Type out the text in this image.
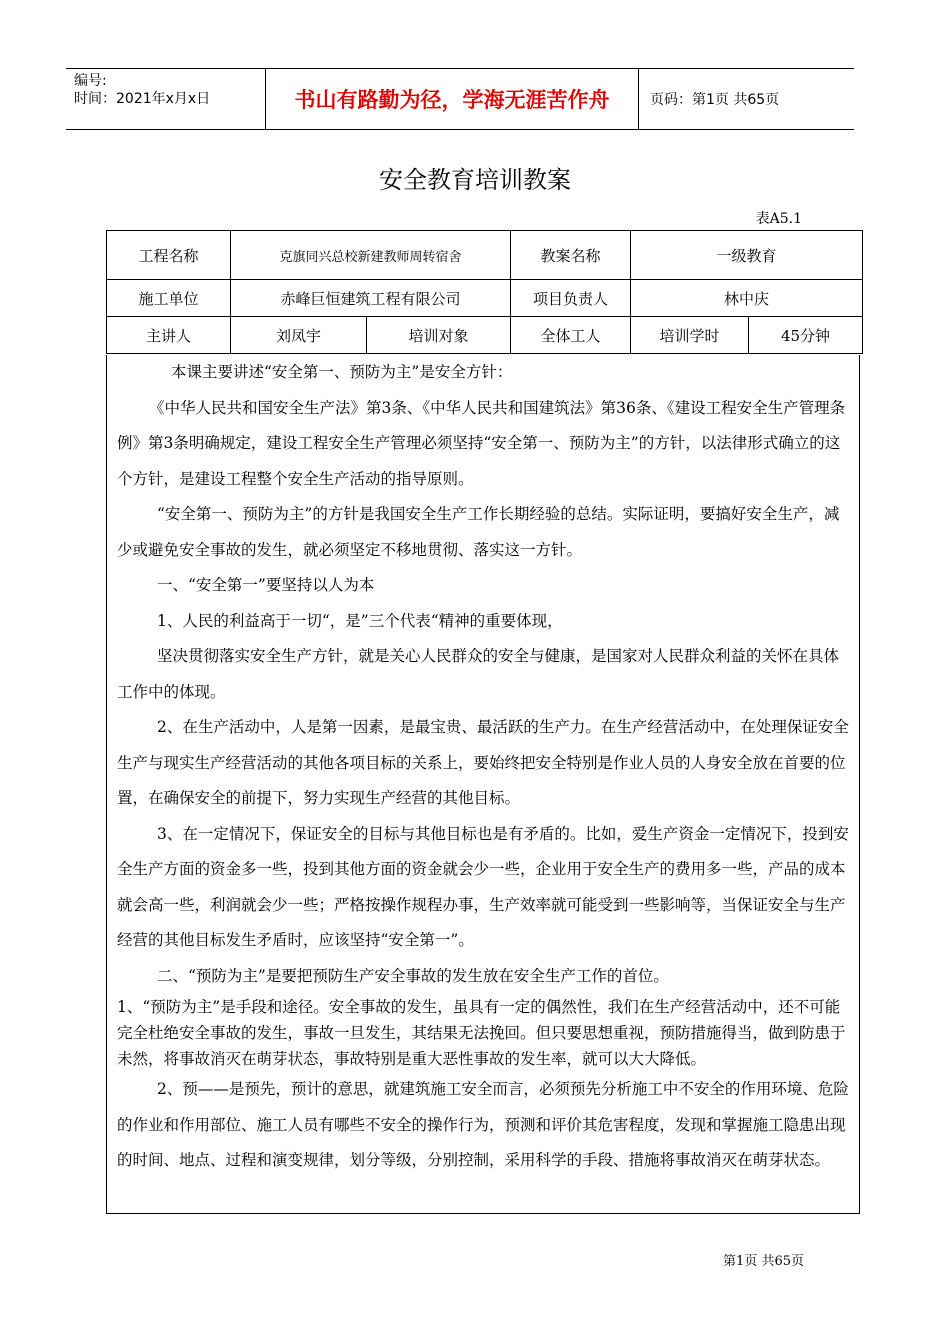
编号:
时间：2021年x月x日	书山有路勤为径，学海无涯苦作舟	页码：第1页 共65页
安全教育培训教案
表A5.1
工程名称	克旗同兴总校新建教师周转宿舍		教案名称	一级教育	
施工单位	赤峰巨恒建筑工程有限公司		项目负责人	林中庆	
主讲人	刘凤宇	培训对象	全体工人	培训学时	45分钟

本课主要讲述“安全第一、预防为主”是安全方针：

《中华人民共和国安全生产法》第3条、《中华人民共和国建筑法》第36条、《建设工程安全生产管理条例》第3条明确规定，建设工程安全生产管理必须坚持“安全第一、预防为主”的方针，以法律形式确立的这个方针，是建设工程整个安全生产活动的指导原则。

“安全第一、预防为主”的方针是我国安全生产工作长期经验的总结。实际证明，要搞好安全生产，减少或避免安全事故的发生，就必须坚定不移地贯彻、落实这一方针。

一、“安全第一”要坚持以人为本

1、人民的利益高于一切“，是”三个代表“精神的重要体现，

坚决贯彻落实安全生产方针，就是关心人民群众的安全与健康，是国家对人民群众利益的关怀在具体工作中的体现。

2、在生产活动中，人是第一因素，是最宝贵、最活跃的生产力。在生产经营活动中，在处理保证安全生产与现实生产经营活动的其他各项目标的关系上，要始终把安全特别是作业人员的人身安全放在首要的位置，在确保安全的前提下，努力实现生产经营的其他目标。

3、在一定情况下，保证安全的目标与其他目标也是有矛盾的。比如，爱生产资金一定情况下，投到安全生产方面的资金多一些，投到其他方面的资金就会少一些，企业用于安全生产的费用多一些，产品的成本就会高一些，利润就会少一些；严格按操作规程办事，生产效率就可能受到一些影响等，当保证安全与生产经营的其他目标发生矛盾时，应该坚持“安全第一”。

二、“预防为主”是要把预防生产安全事故的发生放在安全生产工作的首位。

1、“预防为主”是手段和途径。安全事故的发生，虽具有一定的偶然性，我们在生产经营活动中，还不可能完全杜绝安全事故的发生，事故一旦发生，其结果无法挽回。但只要思想重视，预防措施得当，做到防患于未然，将事故消灭在萌芽状态，事故特别是重大恶性事故的发生率，就可以大大降低。

2、预——是预先，预计的意思，就建筑施工安全而言，必须预先分析施工中不安全的作用环境、危险的作业和作用部位、施工人员有哪些不安全的操作行为，预测和评价其危害程度，发现和掌握施工隐患出现的时间、地点、过程和演变规律，划分等级，分别控制，采用科学的手段、措施将事故消灭在萌芽状态。

第1页 共65页
